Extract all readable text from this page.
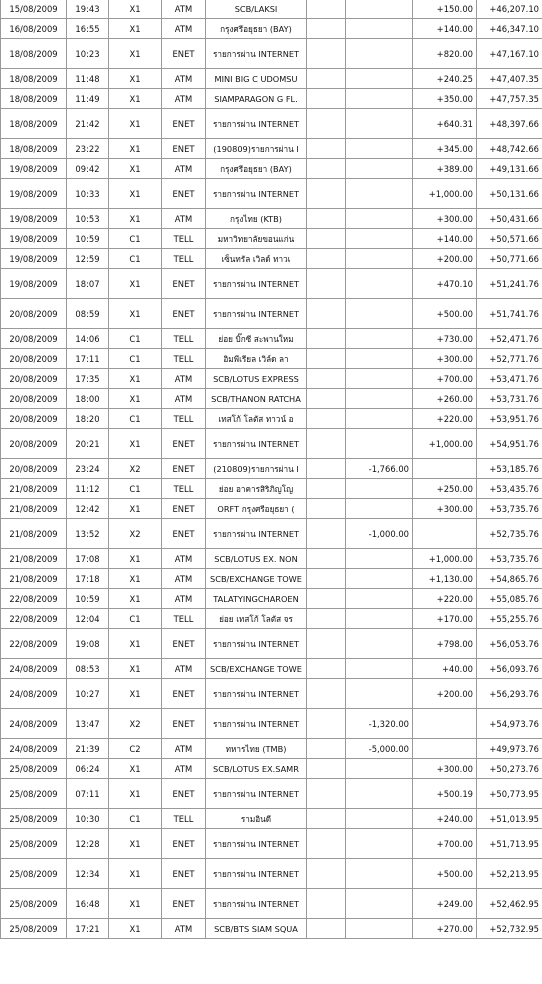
15/08/2009	19:43	X1	ATM	SCB/LAKSI			+150.00	+46,207.10
16/08/2009	16:55	X1	ATM	กรุงศรีอยุธยา (BAY)			+140.00	+46,347.10
18/08/2009	10:23	X1	ENET	รายการผ่าน INTERNET			+820.00	+47,167.10
18/08/2009	11:48	X1	ATM	MINI BIG C UDOMSU			+240.25	+47,407.35
18/08/2009	11:49	X1	ATM	SIAMPARAGON G FL.			+350.00	+47,757.35
18/08/2009	21:42	X1	ENET	รายการผ่าน INTERNET			+640.31	+48,397.66
18/08/2009	23:22	X1	ENET	(190809)รายการผ่าน I			+345.00	+48,742.66
19/08/2009	09:42	X1	ATM	กรุงศรีอยุธยา (BAY)			+389.00	+49,131.66
19/08/2009	10:33	X1	ENET	รายการผ่าน INTERNET			+1,000.00	+50,131.66
19/08/2009	10:53	X1	ATM	กรุงไทย (KTB)			+300.00	+50,431.66
19/08/2009	10:59	C1	TELL	มหาวิทยาลัยขอนแก่น			+140.00	+50,571.66
19/08/2009	12:59	C1	TELL	เซ็นทรัล เวิลด์ ทาวเ			+200.00	+50,771.66
19/08/2009	18:07	X1	ENET	รายการผ่าน INTERNET			+470.10	+51,241.76
20/08/2009	08:59	X1	ENET	รายการผ่าน INTERNET			+500.00	+51,741.76
20/08/2009	14:06	C1	TELL	ย่อย บิ๊กซี สะพานใหม			+730.00	+52,471.76
20/08/2009	17:11	C1	TELL	อิมพีเรียล เวิล์ด ลา			+300.00	+52,771.76
20/08/2009	17:35	X1	ATM	SCB/LOTUS EXPRESS			+700.00	+53,471.76
20/08/2009	18:00	X1	ATM	SCB/THANON RATCHA			+260.00	+53,731.76
20/08/2009	18:20	C1	TELL	เทสโก้ โลตัส ทาวน์ อ			+220.00	+53,951.76
20/08/2009	20:21	X1	ENET	รายการผ่าน INTERNET			+1,000.00	+54,951.76
20/08/2009	23:24	X2	ENET	(210809)รายการผ่าน I		-1,766.00		+53,185.76
21/08/2009	11:12	C1	TELL	ย่อย อาคารสิริภิญโญ			+250.00	+53,435.76
21/08/2009	12:42	X1	ENET	ORFT กรุงศรีอยุธยา (			+300.00	+53,735.76
21/08/2009	13:52	X2	ENET	รายการผ่าน INTERNET		-1,000.00		+52,735.76
21/08/2009	17:08	X1	ATM	SCB/LOTUS EX. NON			+1,000.00	+53,735.76
21/08/2009	17:18	X1	ATM	SCB/EXCHANGE TOWE			+1,130.00	+54,865.76
22/08/2009	10:59	X1	ATM	TALATYINGCHAROEN			+220.00	+55,085.76
22/08/2009	12:04	C1	TELL	ย่อย เทสโก้ โลตัส จร			+170.00	+55,255.76
22/08/2009	19:08	X1	ENET	รายการผ่าน INTERNET			+798.00	+56,053.76
24/08/2009	08:53	X1	ATM	SCB/EXCHANGE TOWE			+40.00	+56,093.76
24/08/2009	10:27	X1	ENET	รายการผ่าน INTERNET			+200.00	+56,293.76
24/08/2009	13:47	X2	ENET	รายการผ่าน INTERNET		-1,320.00		+54,973.76
24/08/2009	21:39	C2	ATM	ทหารไทย (TMB)		-5,000.00		+49,973.76
25/08/2009	06:24	X1	ATM	SCB/LOTUS EX.SAMR			+300.00	+50,273.76
25/08/2009	07:11	X1	ENET	รายการผ่าน INTERNET			+500.19	+50,773.95
25/08/2009	10:30	C1	TELL	รามอินดี			+240.00	+51,013.95
25/08/2009	12:28	X1	ENET	รายการผ่าน INTERNET			+700.00	+51,713.95
25/08/2009	12:34	X1	ENET	รายการผ่าน INTERNET			+500.00	+52,213.95
25/08/2009	16:48	X1	ENET	รายการผ่าน INTERNET			+249.00	+52,462.95
25/08/2009	17:21	X1	ATM	SCB/BTS SIAM SQUA			+270.00	+52,732.95
